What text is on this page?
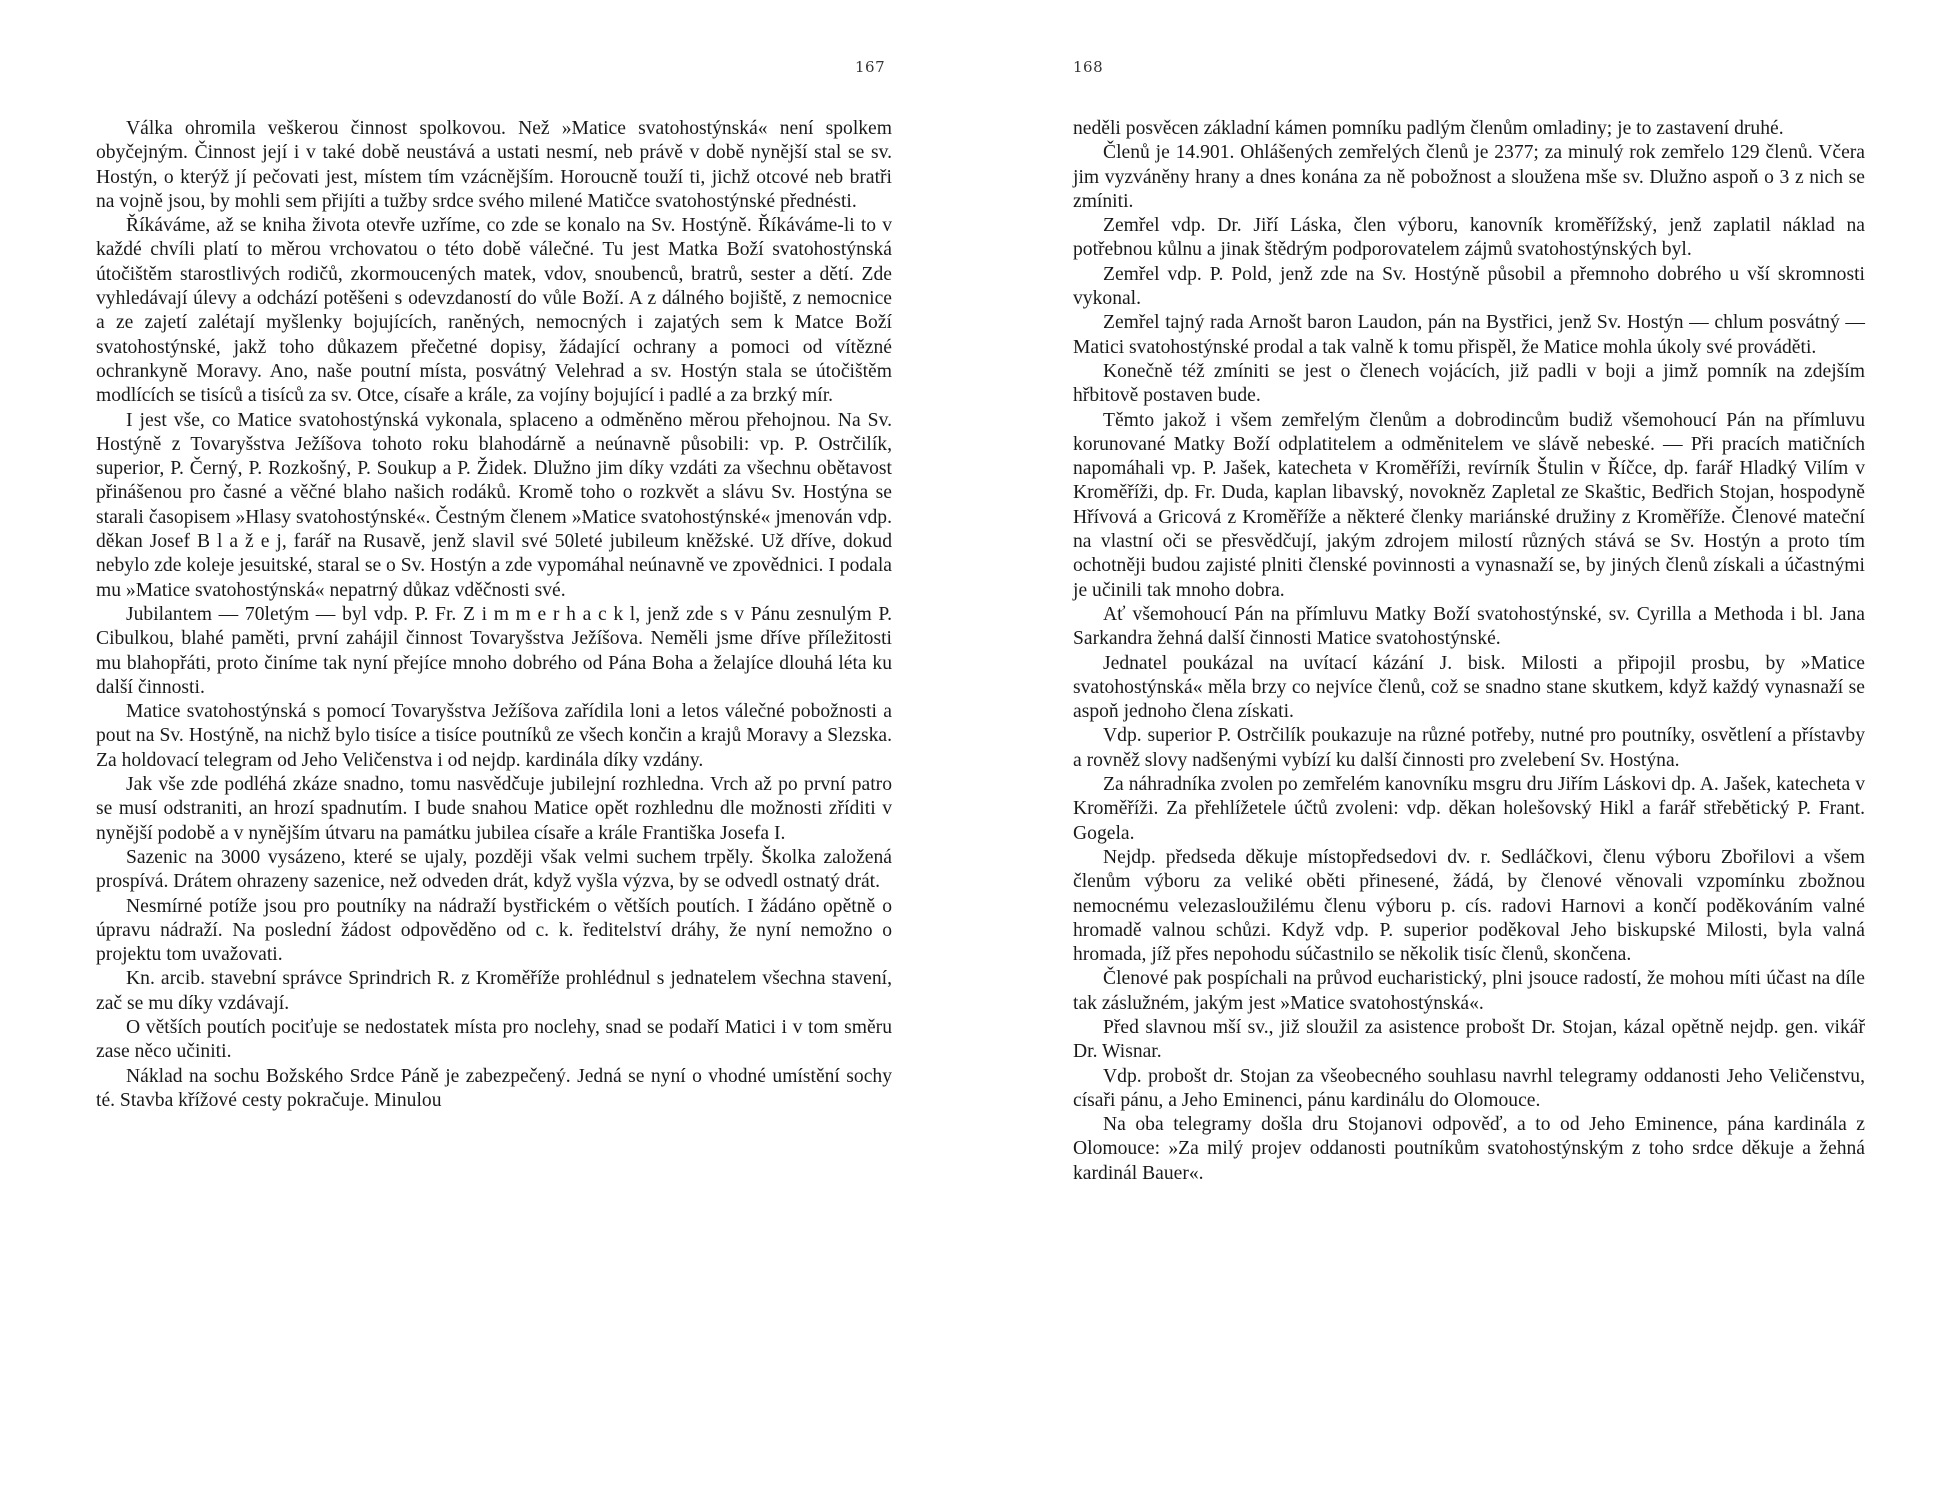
167

Válka ohromila veškerou činnost spolkovou. Než »Matice svatohostýnská« není spolkem obyčejným. Činnost její i v také době neustává a ustati nesmí, neb právě v době nynější stal se sv. Hostýn, o kterýž jí pečovati jest, místem tím vzácnějším. Horoucně touží ti, jichž otcové neb bratři na vojně jsou, by mohli sem přijíti a tužby srdce svého milené Matičce svatohostýnské přednésti.

Říkáváme, až se kniha života otevře uzříme, co zde se konalo na Sv. Hostýně. Říkáváme-li to v každé chvíli platí to měrou vrchovatou o této době válečné. Tu jest Matka Boží svatohostýnská útočištěm starostlivých rodičů, zkormoucených matek, vdov, snoubenců, bratrů, sester a dětí. Zde vyhledávají úlevy a odchází potěšeni s odevzdaností do vůle Boží. A z dálného bojiště, z nemocnice a ze zajetí zalétají myšlenky bojujících, raněných, nemocných i zajatých sem k Matce Boží svatohostýnské, jakž toho důkazem přečetné dopisy, žádající ochrany a pomoci od vítězné ochrankyně Moravy. Ano, naše poutní místa, posvátný Velehrad a sv. Hostýn stala se útočištěm modlících se tisíců a tisíců za sv. Otce, císaře a krále, za vojíny bojující i padlé a za brzký mír.

I jest vše, co Matice svatohostýnská vykonala, splaceno a odměněno měrou přehojnou. Na Sv. Hostýně z Tovaryšstva Ježíšova tohoto roku blahodárně a neúnavně působili: vp. P. Ostrčilík, superior, P. Černý, P. Rozkošný, P. Soukup a P. Židek. Dlužno jim díky vzdáti za všechnu obětavost přinášenou pro časné a věčné blaho našich rodáků. Kromě toho o rozkvět a slávu Sv. Hostýna se starali časopisem »Hlasy svatohostýnské«. Čestným členem »Matice svatohostýnské« jmenován vdp. děkan Josef B l a ž e j, farář na Rusavě, jenž slavil své 50leté jubileum kněžské. Už dříve, dokud nebylo zde koleje jesuitské, staral se o Sv. Hostýn a zde vypomáhal neúnavně ve zpovědnici. I podala mu »Matice svatohostýnská« nepatrný důkaz vděčnosti své.

Jubilantem — 70letým — byl vdp. P. Fr. Z i m m e r h a c k l, jenž zde s v Pánu zesnulým P. Cibulkou, blahé paměti, první zahájil činnost Tovaryšstva Ježíšova. Neměli jsme dříve příležitosti mu blahopřáti, proto činíme tak nyní přejíce mnoho dobrého od Pána Boha a želajíce dlouhá léta ku další činnosti.

Matice svatohostýnská s pomocí Tovaryšstva Ježíšova zařídila loni a letos válečné pobožnosti a pout na Sv. Hostýně, na nichž bylo tisíce a tisíce poutníků ze všech končin a krajů Moravy a Slezska. Za holdovací telegram od Jeho Veličenstva i od nejdp. kardinála díky vzdány.

Jak vše zde podléhá zkáze snadno, tomu nasvědčuje jubilejní rozhledna. Vrch až po první patro se musí odstraniti, an hrozí spadnutím. I bude snahou Matice opět rozhlednu dle možnosti zříditi v nynější podobě a v nynějším útvaru na památku jubilea císaře a krále Františka Josefa I.

Sazenic na 3000 vysázeno, které se ujaly, později však velmi suchem trpěly. Školka založená prospívá. Drátem ohrazeny sazenice, než odveden drát, když vyšla výzva, by se odvedl ostnatý drát.

Nesmírné potíže jsou pro poutníky na nádraží bystřickém o větších poutích. I žádáno opětně o úpravu nádraží. Na poslední žádost odpověděno od c. k. ředitelství dráhy, že nyní nemožno o projektu tom uvažovati.

Kn. arcib. stavební správce Sprindrich R. z Kroměříže prohlédnul s jednatelem všechna stavení, zač se mu díky vzdávají.

O větších poutích pociťuje se nedostatek místa pro noclehy, snad se podaří Matici i v tom směru zase něco učiniti.

Náklad na sochu Božského Srdce Páně je zabezpečený. Jedná se nyní o vhodné umístění sochy té. Stavba křížové cesty pokračuje. Minulou

168

neděli posvěcen základní kámen pomníku padlým členům omladiny; je to zastavení druhé.

Členů je 14.901. Ohlášených zemřelých členů je 2377; za minulý rok zemřelo 129 členů. Včera jim vyzváněny hrany a dnes konána za ně pobožnost a sloužena mše sv. Dlužno aspoň o 3 z nich se zmíniti.

Zemřel vdp. Dr. Jiří Láska, člen výboru, kanovník kroměřížský, jenž zaplatil náklad na potřebnou kůlnu a jinak štědrým podporovatelem zájmů svatohostýnských byl.

Zemřel vdp. P. Pold, jenž zde na Sv. Hostýně působil a přemnoho dobrého u vší skromnosti vykonal.

Zemřel tajný rada Arnošt baron Laudon, pán na Bystřici, jenž Sv. Hostýn — chlum posvátný — Matici svatohostýnské prodal a tak valně k tomu přispěl, že Matice mohla úkoly své prováděti.

Konečně též zmíniti se jest o členech vojácích, již padli v boji a jimž pomník na zdejším hřbitově postaven bude.

Těmto jakož i všem zemřelým členům a dobrodincům budiž všemohoucí Pán na přímluvu korunované Matky Boží odplatitelem a odměnitelem ve slávě nebeské. — Při pracích matičních napomáhali vp. P. Jašek, katecheta v Kroměříži, revírník Štulin v Říčce, dp. farář Hladký Vilím v Kroměříži, dp. Fr. Duda, kaplan libavský, novokněz Zapletal ze Skaštic, Bedřich Stojan, hospodyně Hřívová a Gricová z Kroměříže a některé členky mariánské družiny z Kroměříže. Členové mateční na vlastní oči se přesvědčují, jakým zdrojem milostí různých stává se Sv. Hostýn a proto tím ochotněji budou zajisté plniti členské povinnosti a vynasnaží se, by jiných členů získali a účastnými je učinili tak mnoho dobra.

Ať všemohoucí Pán na přímluvu Matky Boží svatohostýnské, sv. Cyrilla a Methoda i bl. Jana Sarkandra žehná další činnosti Matice svatohostýnské.

Jednatel poukázal na uvítací kázání J. bisk. Milosti a připojil prosbu, by »Matice svatohostýnská« měla brzy co nejvíce členů, což se snadno stane skutkem, když každý vynasnaží se aspoň jednoho člena získati.

Vdp. superior P. Ostrčilík poukazuje na různé potřeby, nutné pro poutníky, osvětlení a přístavby a rovněž slovy nadšenými vybízí ku další činnosti pro zvelebení Sv. Hostýna.

Za náhradníka zvolen po zemřelém kanovníku msgru dru Jiřím Láskovi dp. A. Jašek, katecheta v Kroměříži. Za přehlížetele účtů zvoleni: vdp. děkan holešovský Hikl a farář střebětický P. Frant. Gogela.

Nejdp. předseda děkuje místopředsedovi dv. r. Sedláčkovi, členu výboru Zbořilovi a všem členům výboru za veliké oběti přinesené, žádá, by členové věnovali vzpomínku zbožnou nemocnému velezasloužilému členu výboru p. cís. radovi Harnovi a končí poděkováním valné hromadě valnou schůzi. Když vdp. P. superior poděkoval Jeho biskupské Milosti, byla valná hromada, jíž přes nepohodu súčastnilo se několik tisíc členů, skončena.

Členové pak pospíchali na průvod eucharistický, plni jsouce radostí, že mohou míti účast na díle tak záslužném, jakým jest »Matice svatohostýnská«.

Před slavnou mší sv., již sloužil za asistence probošt Dr. Stojan, kázal opětně nejdp. gen. vikář Dr. Wisnar.

Vdp. probošt dr. Stojan za všeobecného souhlasu navrhl telegramy oddanosti Jeho Veličenstvu, císaři pánu, a Jeho Eminenci, pánu kardinálu do Olomouce.

Na oba telegramy došla dru Stojanovi odpověď, a to od Jeho Eminence, pána kardinála z Olomouce: »Za milý projev oddanosti poutníkům svatohostýnským z toho srdce děkuje a žehná kardinál Bauer«.
